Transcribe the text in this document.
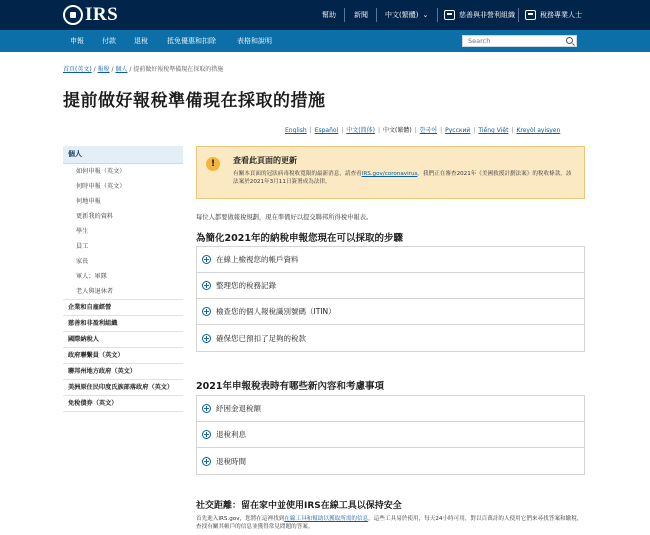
IRS	幫助	新聞 中文(繁體) ⌄	慈善與非營利組織	稅務專業人士
申報	付款	退稅	抵免優惠和扣除	表格和說明
Search
首頁(英文) / 報稅 / 個人 / 提前做好報稅準備現在採取的措施
提前做好報稅準備現在採取的措施
English | Español | 中文(简体) | 中文(繁體) | 한국어 | Русский | Tiếng Việt | Kreyòl ayisyen
個人
如何申報（英文）
何時申報（英文）
何地申報
更新我的資料
學生
員工
家長
軍人；軍隊
老人與退休者
企業和自雇經營
慈善和非盈利組織
國際納稅人
政府聯繫員（英文）
聯邦州地方政府（英文）
美洲原住民印度氏族部落政府（英文）
免稅債券（英文）
!	查看此頁面的更新
有關本頁面的冠狀病毒稅收寬限的最新消息，請查看IRS.gov/coronavirus。我們正在審查2021年《美國救援計劃法案》的稅收條款，該法案於2021年3月11日簽署成為法律。
每位人都要做報稅規劃，現在準備好以提交聯邦所得稅申報表。
為簡化2021年的納稅申報您現在可以採取的步驟
+ 在線上檢視您的帳戶資料
+ 整理您的稅務記錄
+ 檢查您的個人報稅識別號碼（ITIN）
+ 確保您已預扣了足夠的稅款
2021年申報稅表時有哪些新內容和考慮事項
+ 紓困金退稅額
+ 退稅利息
+ 退稅時間
社交距離：留在家中並使用IRS在線工具以保持安全
首先進入IRS.gov，您將在這裡找到在線工具和幫助以獲取所需的信息。這些工具易於使用，每天24小時可用，對以百萬計的人使用它們來尋找答案和繳稅，查找有關其帳戶的信息並獲得常見問題的答案。
